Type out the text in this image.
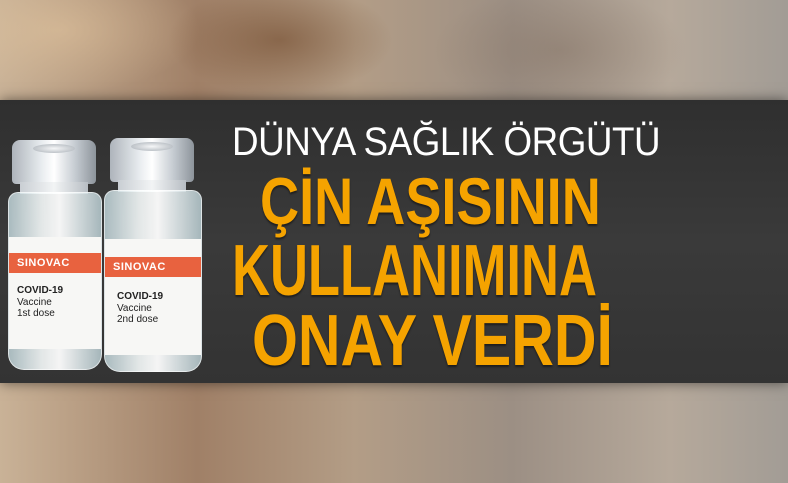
SINOVAC
COVID-19
Vaccine
1st dose
SINOVAC
COVID-19
Vaccine
2nd dose
DÜNYA SAĞLIK ÖRGÜTÜ
ÇİN AŞISININ
KULLANIMINA
ONAY VERDİ
